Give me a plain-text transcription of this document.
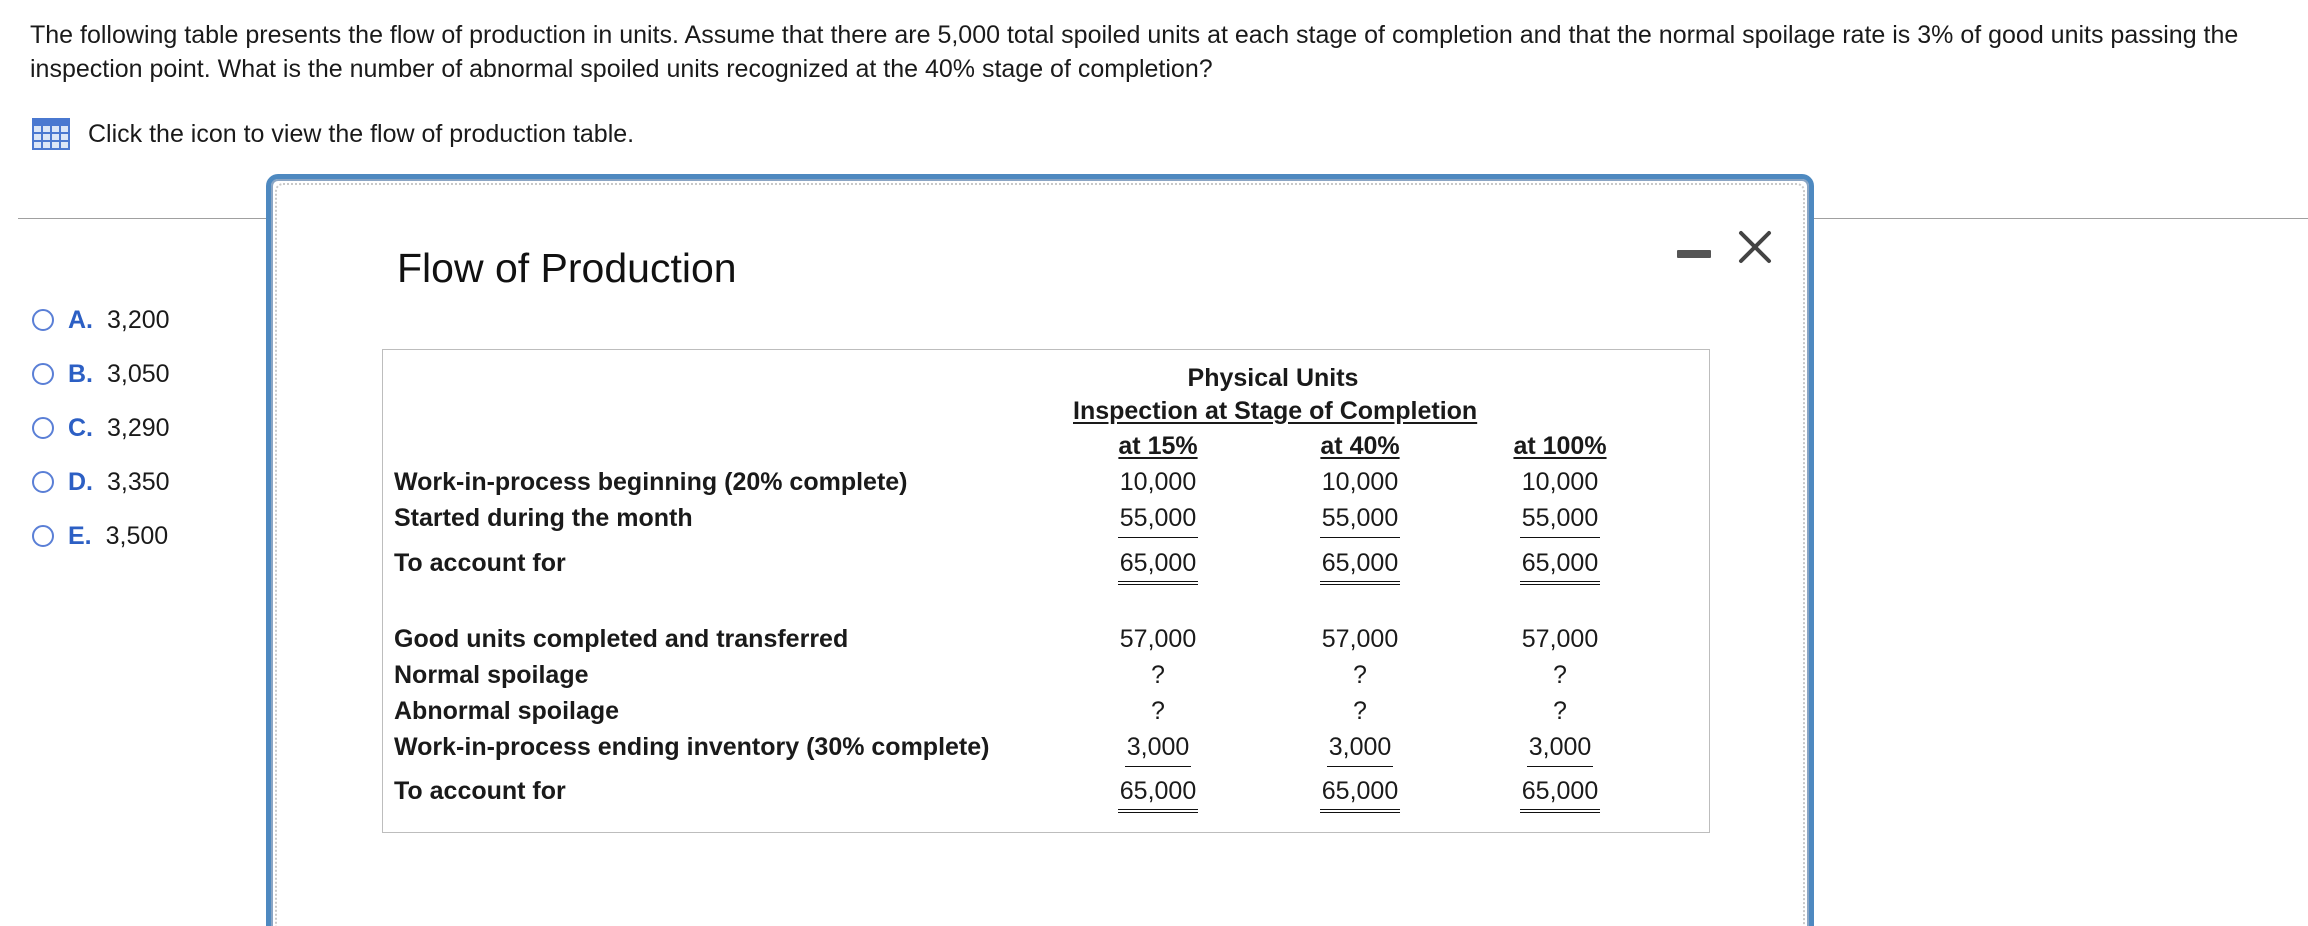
The following table presents the flow of production in units. Assume that there are 5,000 total spoiled units at each stage of completion and that the normal spoilage rate is 3% of good units passing the inspection point. What is the number of abnormal spoiled units recognized at the 40% stage of completion?
Click the icon to view the flow of production table.
A. 3,200
B. 3,050
C. 3,290
D. 3,350
E. 3,500
Flow of Production
Physical Units
Inspection at Stage of Completion
at 15%	at 40%	at 100%
Work-in-process beginning (20% complete)	10,000	10,000	10,000
Started during the month	55,000	55,000	55,000
To account for	65,000	65,000	65,000
Good units completed and transferred	57,000	57,000	57,000
Normal spoilage	?	?	?
Abnormal spoilage	?	?	?
Work-in-process ending inventory (30% complete)	3,000	3,000	3,000
To account for	65,000	65,000	65,000
